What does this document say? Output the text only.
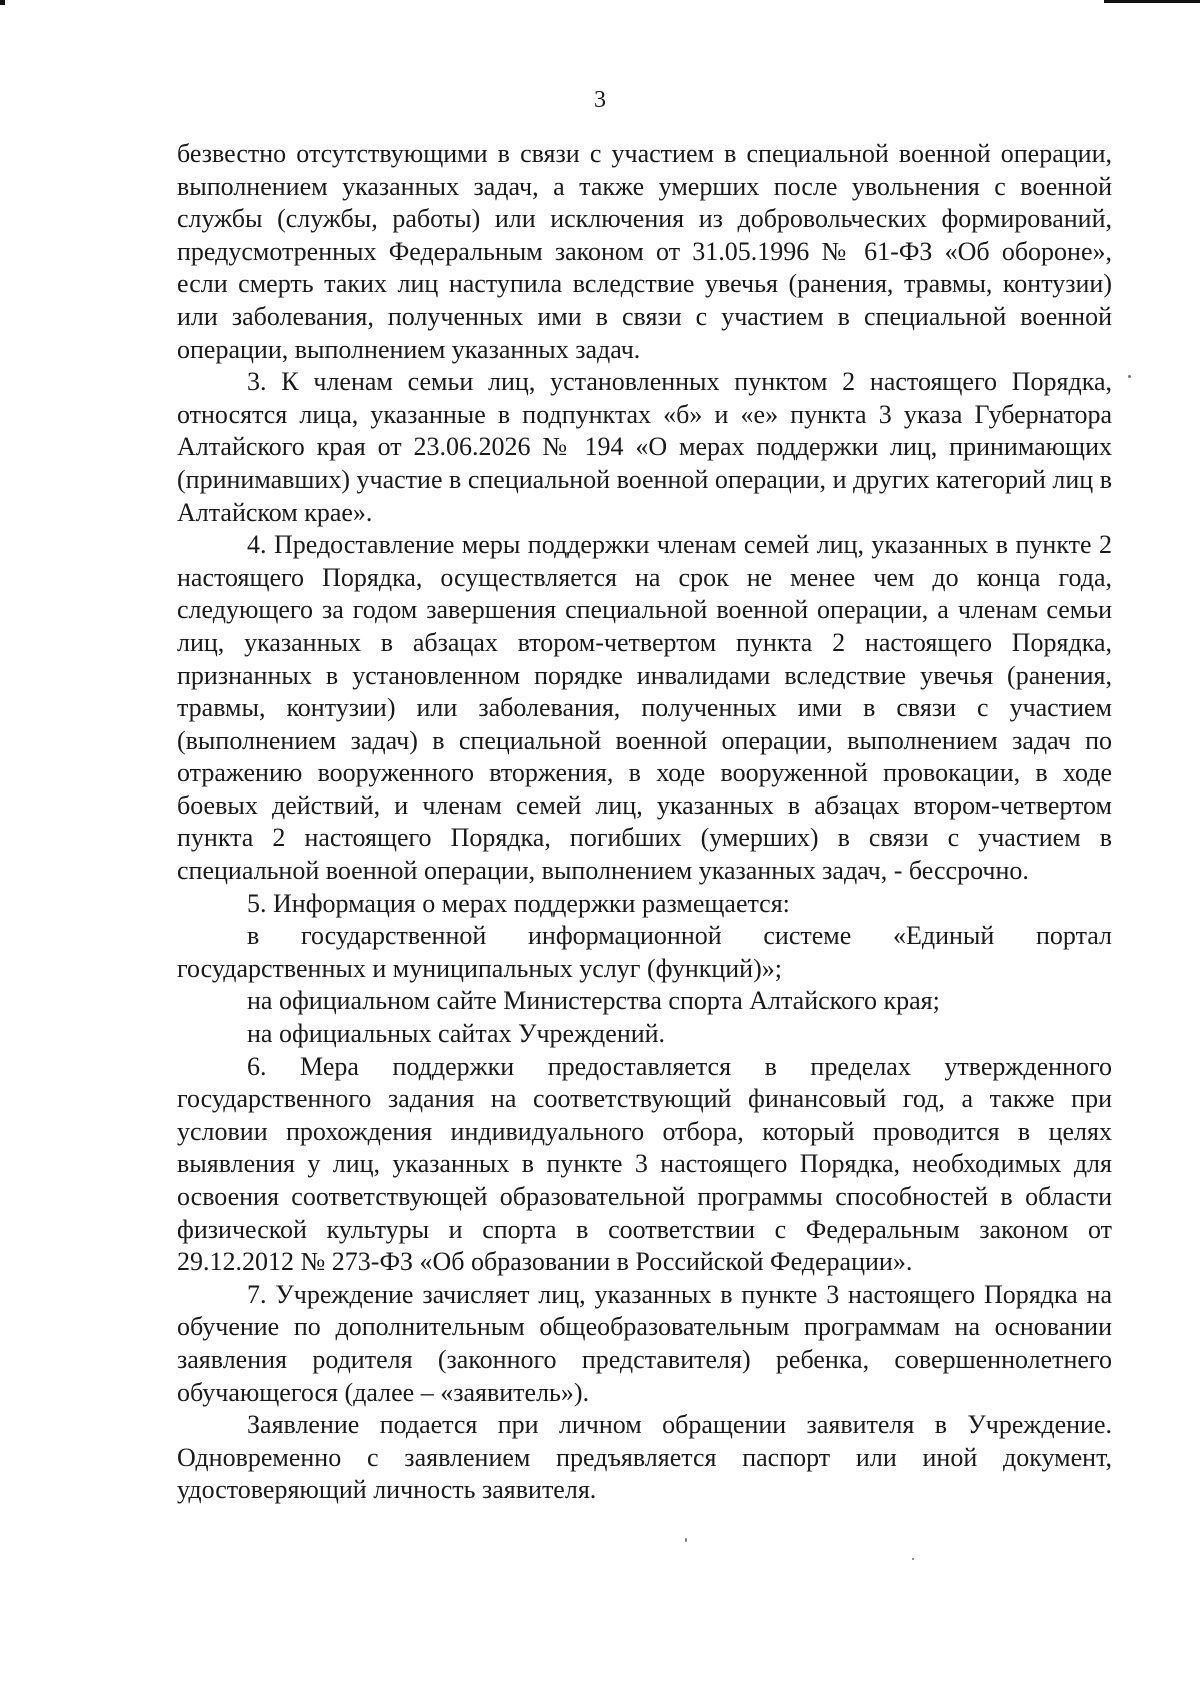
3

безвестно отсутствующими в связи с участием в специальной военной операции, выполнением указанных задач, а также умерших после увольнения с военной службы (службы, работы) или исключения из добровольческих формирований, предусмотренных Федеральным законом от 31.05.1996 № 61-ФЗ «Об обороне», если смерть таких лиц наступила вследствие увечья (ранения, травмы, контузии) или заболевания, полученных ими в связи с участием в специальной военной операции, выполнением указанных задач.

3. К членам семьи лиц, установленных пунктом 2 настоящего Порядка, относятся лица, указанные в подпунктах «б» и «е» пункта 3 указа Губернатора Алтайского края от 23.06.2026 № 194 «О мерах поддержки лиц, принимающих (принимавших) участие в специальной военной операции, и других категорий лиц в Алтайском крае».

4. Предоставление меры поддержки членам семей лиц, указанных в пункте 2 настоящего Порядка, осуществляется на срок не менее чем до конца года, следующего за годом завершения специальной военной операции, а членам семьи лиц, указанных в абзацах втором-четвертом пункта 2 настоящего Порядка, признанных в установленном порядке инвалидами вследствие увечья (ранения, травмы, контузии) или заболевания, полученных ими в связи с участием (выполнением задач) в специальной военной операции, выполнением задач по отражению вооруженного вторжения, в ходе вооруженной провокации, в ходе боевых действий, и членам семей лиц, указанных в абзацах втором-четвертом пункта 2 настоящего Порядка, погибших (умерших) в связи с участием в специальной военной операции, выполнением указанных задач, - бессрочно.

5. Информация о мерах поддержки размещается:

в государственной информационной системе «Единый портал государственных и муниципальных услуг (функций)»;

на официальном сайте Министерства спорта Алтайского края;

на официальных сайтах Учреждений.

6. Мера поддержки предоставляется в пределах утвержденного государственного задания на соответствующий финансовый год, а также при условии прохождения индивидуального отбора, который проводится в целях выявления у лиц, указанных в пункте 3 настоящего Порядка, необходимых для освоения соответствующей образовательной программы способностей в области физической культуры и спорта в соответствии с Федеральным законом от 29.12.2012 № 273-ФЗ «Об образовании в Российской Федерации».

7. Учреждение зачисляет лиц, указанных в пункте 3 настоящего Порядка на обучение по дополнительным общеобразовательным программам на основании заявления родителя (законного представителя) ребенка, совершеннолетнего обучающегося (далее – «заявитель»).

Заявление подается при личном обращении заявителя в Учреждение. Одновременно с заявлением предъявляется паспорт или иной документ, удостоверяющий личность заявителя.
